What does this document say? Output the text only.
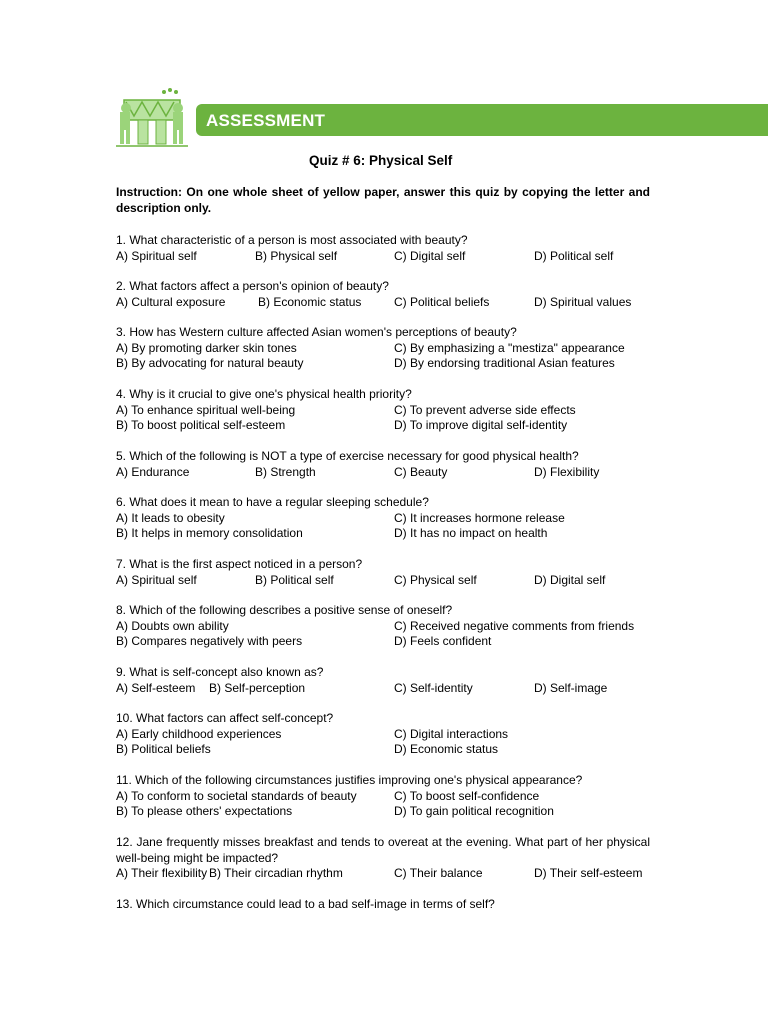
ASSESSMENT
Quiz # 6: Physical Self
Instruction: On one whole sheet of yellow paper, answer this quiz by copying the letter and description only.
1. What characteristic of a person is most associated with beauty?
A) Spiritual self	B) Physical self	C) Digital self	D) Political self
2. What factors affect a person's opinion of beauty?
A) Cultural exposure	B) Economic status	C) Political beliefs	D) Spiritual values
3. How has Western culture affected Asian women's perceptions of beauty?
A) By promoting darker skin tones	C) By emphasizing a "mestiza" appearance
B) By advocating for natural beauty	D) By endorsing traditional Asian features
4. Why is it crucial to give one's physical health priority?
A) To enhance spiritual well-being	C) To prevent adverse side effects
B) To boost political self-esteem	D) To improve digital self-identity
5. Which of the following is NOT a type of exercise necessary for good physical health?
A) Endurance	B) Strength	C) Beauty	D) Flexibility
6. What does it mean to have a regular sleeping schedule?
A) It leads to obesity	C) It increases hormone release
B) It helps in memory consolidation	D) It has no impact on health
7. What is the first aspect noticed in a person?
A) Spiritual self	B) Political self	C) Physical self	D) Digital self
8. Which of the following describes a positive sense of oneself?
A) Doubts own ability	C) Received negative comments from friends
B) Compares negatively with peers	D) Feels confident
9. What is self-concept also known as?
A) Self-esteem B) Self-perception	C) Self-identity	D) Self-image
10. What factors can affect self-concept?
A) Early childhood experiences	C) Digital interactions
B) Political beliefs	D) Economic status
11. Which of the following circumstances justifies improving one's physical appearance?
A) To conform to societal standards of beauty	C) To boost self-confidence
B) To please others' expectations	D) To gain political recognition
12. Jane frequently misses breakfast and tends to overeat at the evening. What part of her physical well-being might be impacted?
A) Their flexibility B) Their circadian rhythm	C) Their balance	D) Their self-esteem
13. Which circumstance could lead to a bad self-image in terms of self?
